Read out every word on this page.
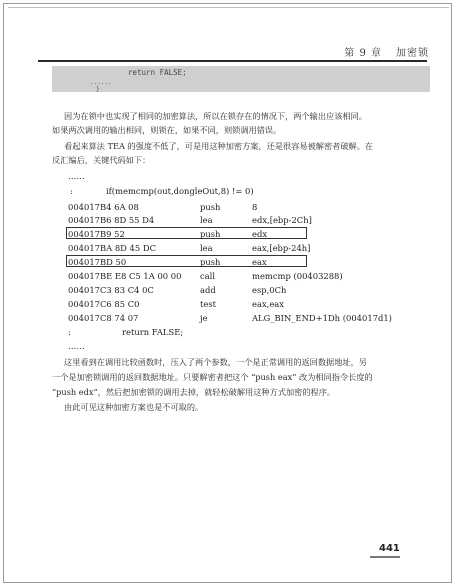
第 9 章 加密锁
return FALSE;
......
}
因为在锁中也实现了相同的加密算法，所以在锁存在的情况下，两个输出应该相同。
如果两次调用的输出相同，则锁在，如果不同，则锁调用错误。
看起来算法 TEA 的强度不低了，可是用这种加密方案，还是很容易被解密者破解。在
反汇编后，关键代码如下：
……
:	if(memcmp(out,dongleOut,8) != 0)
004017B4 6A 08	push	8
004017B6 8D 55 D4	lea	edx,[ebp-2Ch]
004017B9 52	push	edx
004017BA 8D 45 DC	lea	eax,[ebp-24h]
004017BD 50	push	eax
004017BE E8 C5 1A 00 00 call	memcmp (00403288)
004017C3 83 C4 0C	add	esp,0Ch
004017C6 85 C0	test	eax,eax
004017C8 74 07	je	ALG_BIN_END+1Dh (004017d1)
:	return FALSE;
……
这里看到在调用比较函数时，压入了两个参数，一个是正常调用的返回数据地址，另
一个是加密锁调用的返回数据地址。只要解密者把这个 “push eax” 改为相同指令长度的
“push edx”，然后把加密锁的调用去掉，就轻松破解用这种方式加密的程序。
由此可见这种加密方案也是不可取的。
441
